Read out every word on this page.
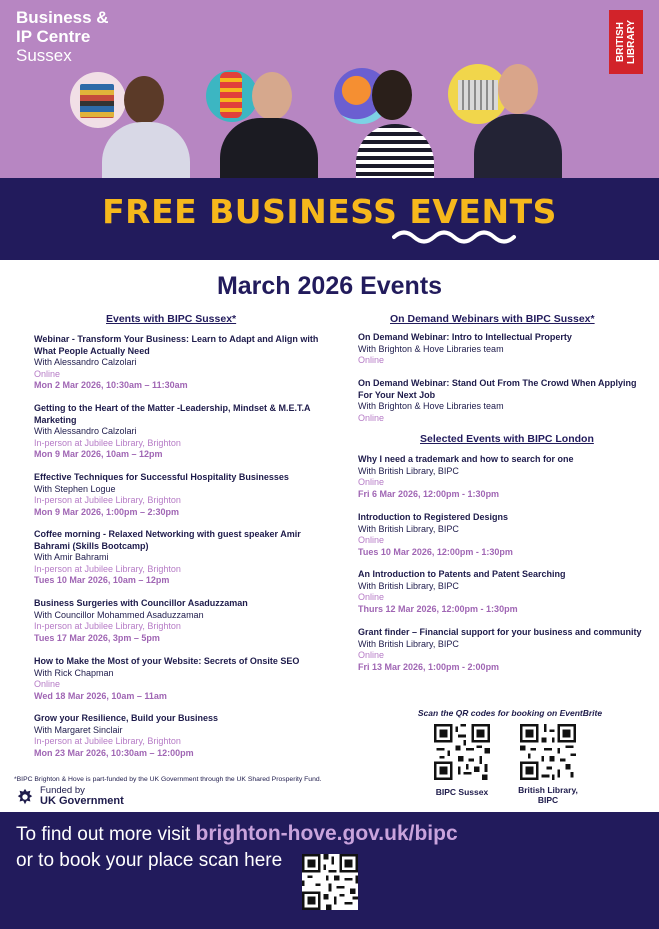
Business &
IP Centre
Sussex	BRITISH LIBRARY
FREE BUSINESS EVENTS
March 2026 Events
Events with BIPC Sussex*	On Demand Webinars with BIPC Sussex*
Selected Events with BIPC London
Webinar - Transform Your Business: Learn to Adapt and Align with What People Actually Need
With Alessandro Calzolari
Online
Mon 2 Mar 2026, 10:30am – 11:30am
Getting to the Heart of the Matter -Leadership, Mindset & M.E.T.A Marketing
With Alessandro Calzolari
In-person at Jubilee Library, Brighton
Mon 9 Mar 2026, 10am – 12pm
Effective Techniques for Successful Hospitality Businesses
With Stephen Logue
In-person at Jubilee Library, Brighton
Mon 9 Mar 2026, 1:00pm – 2:30pm
Coffee morning - Relaxed Networking with guest speaker Amir Bahrami (Skills Bootcamp)
With Amir Bahrami
In-person at Jubilee Library, Brighton
Tues 10 Mar 2026, 10am – 12pm
Business Surgeries with Councillor Asaduzzaman
With Councillor Mohammed Asaduzzaman
In-person at Jubilee Library, Brighton
Tues 17 Mar 2026, 3pm – 5pm
How to Make the Most of your Website: Secrets of Onsite SEO
With Rick Chapman
Online
Wed 18 Mar 2026, 10am – 11am
Grow your Resilience, Build your Business
With Margaret Sinclair
In-person at Jubilee Library, Brighton
Mon 23 Mar 2026, 10:30am – 12:00pm
On Demand Webinar: Intro to Intellectual Property
With Brighton & Hove Libraries team
Online
On Demand Webinar: Stand Out From The Crowd When Applying For Your Next Job
With Brighton & Hove Libraries team
Online
Why I need a trademark and how to search for one
With British Library, BIPC
Online
Fri 6 Mar 2026, 12:00pm - 1:30pm
Introduction to Registered Designs
With British Library, BIPC
Online
Tues 10 Mar 2026, 12:00pm - 1:30pm
An Introduction to Patents and Patent Searching
With British Library, BIPC
Online
Thurs 12 Mar 2026, 12:00pm - 1:30pm
Grant finder – Financial support for your business and community
With British Library, BIPC
Online
Fri 13 Mar 2026, 1:00pm - 2:00pm
Scan the QR codes for booking on EventBrite
BIPC Sussex	British Library, BIPC
*BIPC Brighton & Hove is part-funded by the UK Government through the UK Shared Prosperity Fund.
Funded by
UK Government
To find out more visit brighton-hove.gov.uk/bipc
or to book your place scan here
